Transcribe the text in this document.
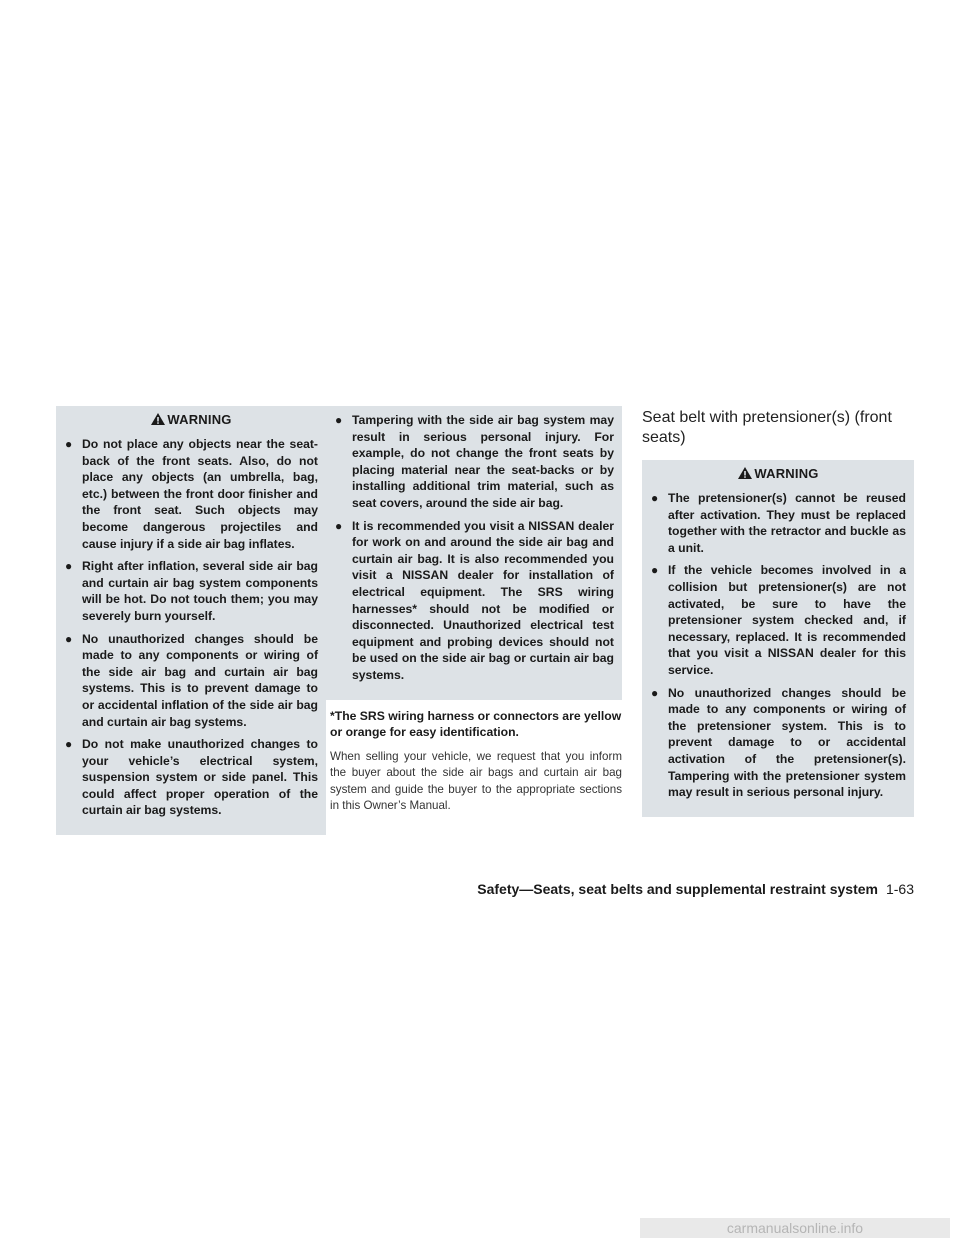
WARNING
● Do not place any objects near the seat-back of the front seats. Also, do not place any objects (an umbrella, bag, etc.) between the front door finisher and the front seat. Such objects may become dangerous projectiles and cause injury if a side air bag inflates.
● Right after inflation, several side air bag and curtain air bag system components will be hot. Do not touch them; you may severely burn yourself.
● No unauthorized changes should be made to any components or wiring of the side air bag and curtain air bag systems. This is to prevent damage to or accidental inflation of the side air bag and curtain air bag systems.
● Do not make unauthorized changes to your vehicle’s electrical system, suspension system or side panel. This could affect proper operation of the curtain air bag systems.
● Tampering with the side air bag system may result in serious personal injury. For example, do not change the front seats by placing material near the seat-backs or by installing additional trim material, such as seat covers, around the side air bag.
● It is recommended you visit a NISSAN dealer for work on and around the side air bag and curtain air bag. It is also recommended you visit a NISSAN dealer for installation of electrical equipment. The SRS wiring harnesses* should not be modified or disconnected. Unauthorized electrical test equipment and probing devices should not be used on the side air bag or curtain air bag systems.
*The SRS wiring harness or connectors are yellow or orange for easy identification.

When selling your vehicle, we request that you inform the buyer about the side air bags and curtain air bag system and guide the buyer to the appropriate sections in this Owner’s Manual.

Seat belt with pretensioner(s) (front seats)
WARNING
● The pretensioner(s) cannot be reused after activation. They must be replaced together with the retractor and buckle as a unit.
● If the vehicle becomes involved in a collision but pretensioner(s) are not activated, be sure to have the pretensioner system checked and, if necessary, replaced. It is recommended that you visit a NISSAN dealer for this service.
● No unauthorized changes should be made to any components or wiring of the pretensioner system. This is to prevent damage to or accidental activation of the pretensioner(s). Tampering with the pretensioner system may result in serious personal injury.
Safety—Seats, seat belts and supplemental restraint system 1-63
carmanualsonline.info
